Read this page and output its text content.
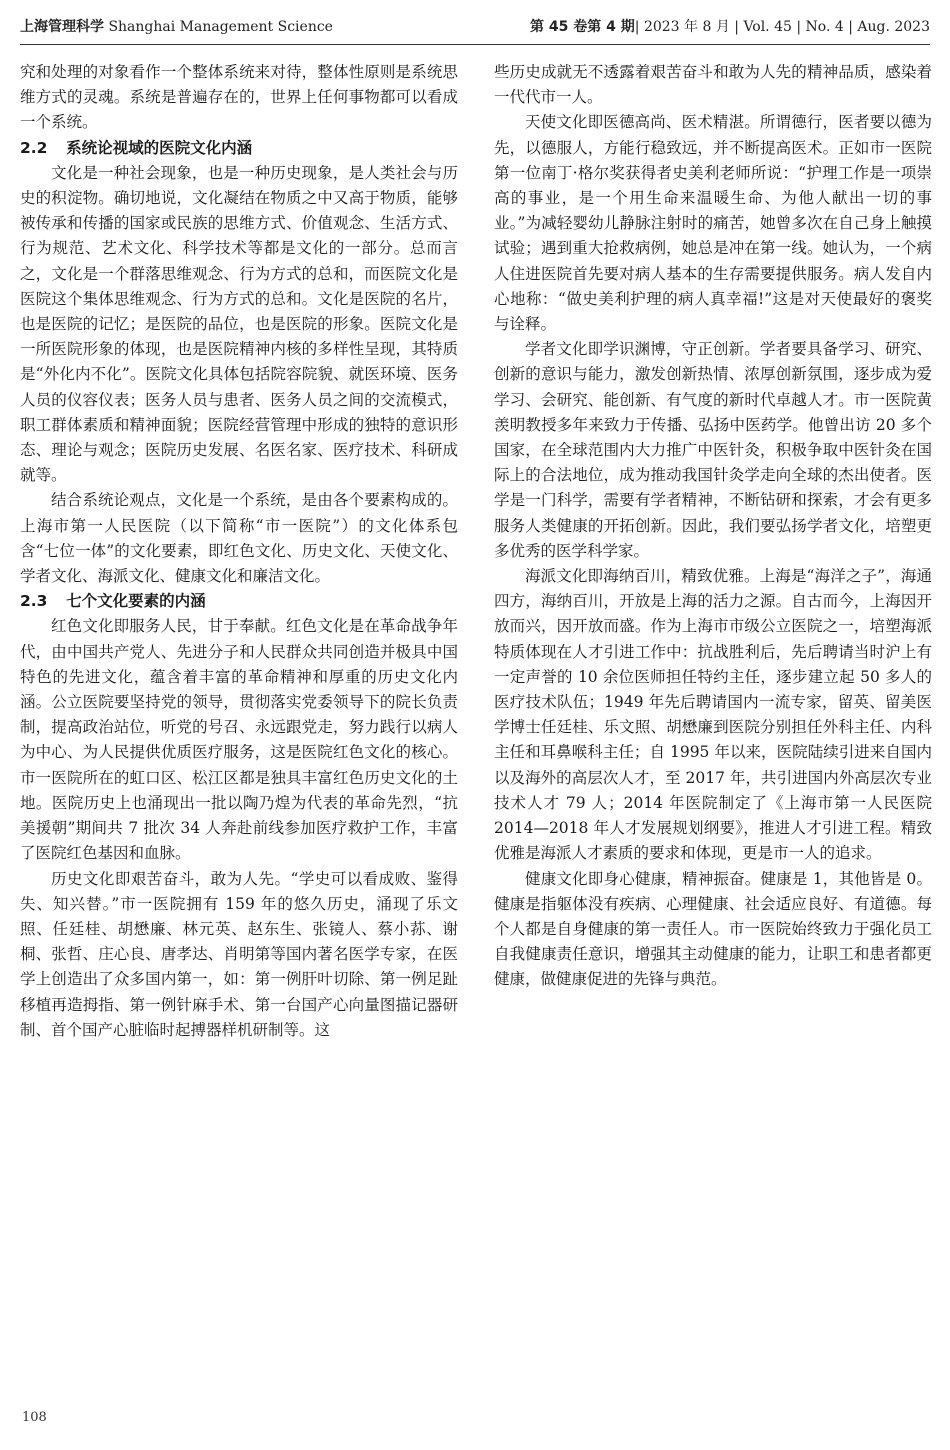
上海管理科学 Shanghai Management Science	第 45 卷第 4 期| 2023 年 8 月 | Vol. 45 | No. 4 | Aug. 2023

究和处理的对象看作一个整体系统来对待，整体性原则是系统思维方式的灵魂。系统是普遍存在的，世界上任何事物都可以看成一个系统。

2.2 系统论视域的医院文化内涵

文化是一种社会现象，也是一种历史现象，是人类社会与历史的积淀物。确切地说，文化凝结在物质之中又高于物质，能够被传承和传播的国家或民族的思维方式、价值观念、生活方式、行为规范、艺术文化、科学技术等都是文化的一部分。总而言之，文化是一个群落思维观念、行为方式的总和，而医院文化是医院这个集体思维观念、行为方式的总和。文化是医院的名片，也是医院的记忆；是医院的品位，也是医院的形象。医院文化是一所医院形象的体现，也是医院精神内核的多样性呈现，其特质是“外化内不化”。医院文化具体包括院容院貌、就医环境、医务人员的仪容仪表；医务人员与患者、医务人员之间的交流模式，职工群体素质和精神面貌；医院经营管理中形成的独特的意识形态、理论与观念；医院历史发展、名医名家、医疗技术、科研成就等。

结合系统论观点，文化是一个系统，是由各个要素构成的。上海市第一人民医院（以下简称“市一医院”）的文化体系包含“七位一体”的文化要素，即红色文化、历史文化、天使文化、学者文化、海派文化、健康文化和廉洁文化。

2.3 七个文化要素的内涵

红色文化即服务人民，甘于奉献。红色文化是在革命战争年代，由中国共产党人、先进分子和人民群众共同创造并极具中国特色的先进文化，蕴含着丰富的革命精神和厚重的历史文化内涵。公立医院要坚持党的领导，贯彻落实党委领导下的院长负责制，提高政治站位，听党的号召、永远跟党走，努力践行以病人为中心、为人民提供优质医疗服务，这是医院红色文化的核心。市一医院所在的虹口区、松江区都是独具丰富红色历史文化的土地。医院历史上也涌现出一批以陶乃煌为代表的革命先烈，“抗美援朝”期间共 7 批次 34 人奔赴前线参加医疗救护工作，丰富了医院红色基因和血脉。

历史文化即艰苦奋斗，敢为人先。“学史可以看成败、鉴得失、知兴替。”市一医院拥有 159 年的悠久历史，涌现了乐文照、任廷桂、胡懋廉、林元英、赵东生、张镜人、蔡小荪、谢桐、张哲、庄心良、唐孝达、肖明第等国内著名医学专家，在医学上创造出了众多国内第一，如：第一例肝叶切除、第一例足趾移植再造拇指、第一例针麻手术、第一台国产心向量图描记器研制、首个国产心脏临时起搏器样机研制等。这

些历史成就无不透露着艰苦奋斗和敢为人先的精神品质，感染着一代代市一人。

天使文化即医德高尚、医术精湛。所谓德行，医者要以德为先，以德服人，方能行稳致远，并不断提高医术。正如市一医院第一位南丁·格尔奖获得者史美利老师所说：“护理工作是一项崇高的事业，是一个用生命来温暖生命、为他人献出一切的事业。”为减轻婴幼儿静脉注射时的痛苦，她曾多次在自己身上触摸试验；遇到重大抢救病例，她总是冲在第一线。她认为，一个病人住进医院首先要对病人基本的生存需要提供服务。病人发自内心地称：“做史美利护理的病人真幸福!”这是对天使最好的褒奖与诠释。

学者文化即学识渊博，守正创新。学者要具备学习、研究、创新的意识与能力，激发创新热情、浓厚创新氛围，逐步成为爱学习、会研究、能创新、有气度的新时代卓越人才。市一医院黄羡明教授多年来致力于传播、弘扬中医药学。他曾出访 20 多个国家，在全球范围内大力推广中医针灸，积极争取中医针灸在国际上的合法地位，成为推动我国针灸学走向全球的杰出使者。医学是一门科学，需要有学者精神，不断钻研和探索，才会有更多服务人类健康的开拓创新。因此，我们要弘扬学者文化，培塑更多优秀的医学科学家。

海派文化即海纳百川，精致优雅。上海是“海洋之子”，海通四方，海纳百川，开放是上海的活力之源。自古而今，上海因开放而兴，因开放而盛。作为上海市市级公立医院之一，培塑海派特质体现在人才引进工作中：抗战胜利后，先后聘请当时沪上有一定声誉的 10 余位医师担任特约主任，逐步建立起 50 多人的医疗技术队伍；1949 年先后聘请国内一流专家，留英、留美医学博士任廷桂、乐文照、胡懋廉到医院分别担任外科主任、内科主任和耳鼻喉科主任；自 1995 年以来，医院陆续引进来自国内以及海外的高层次人才，至 2017 年，共引进国内外高层次专业技术人才 79 人；2014 年医院制定了《上海市第一人民医院 2014—2018 年人才发展规划纲要》，推进人才引进工程。精致优雅是海派人才素质的要求和体现，更是市一人的追求。

健康文化即身心健康，精神振奋。健康是 1，其他皆是 0。健康是指躯体没有疾病、心理健康、社会适应良好、有道德。每个人都是自身健康的第一责任人。市一医院始终致力于强化员工自我健康责任意识，增强其主动健康的能力，让职工和患者都更健康，做健康促进的先锋与典范。

108
